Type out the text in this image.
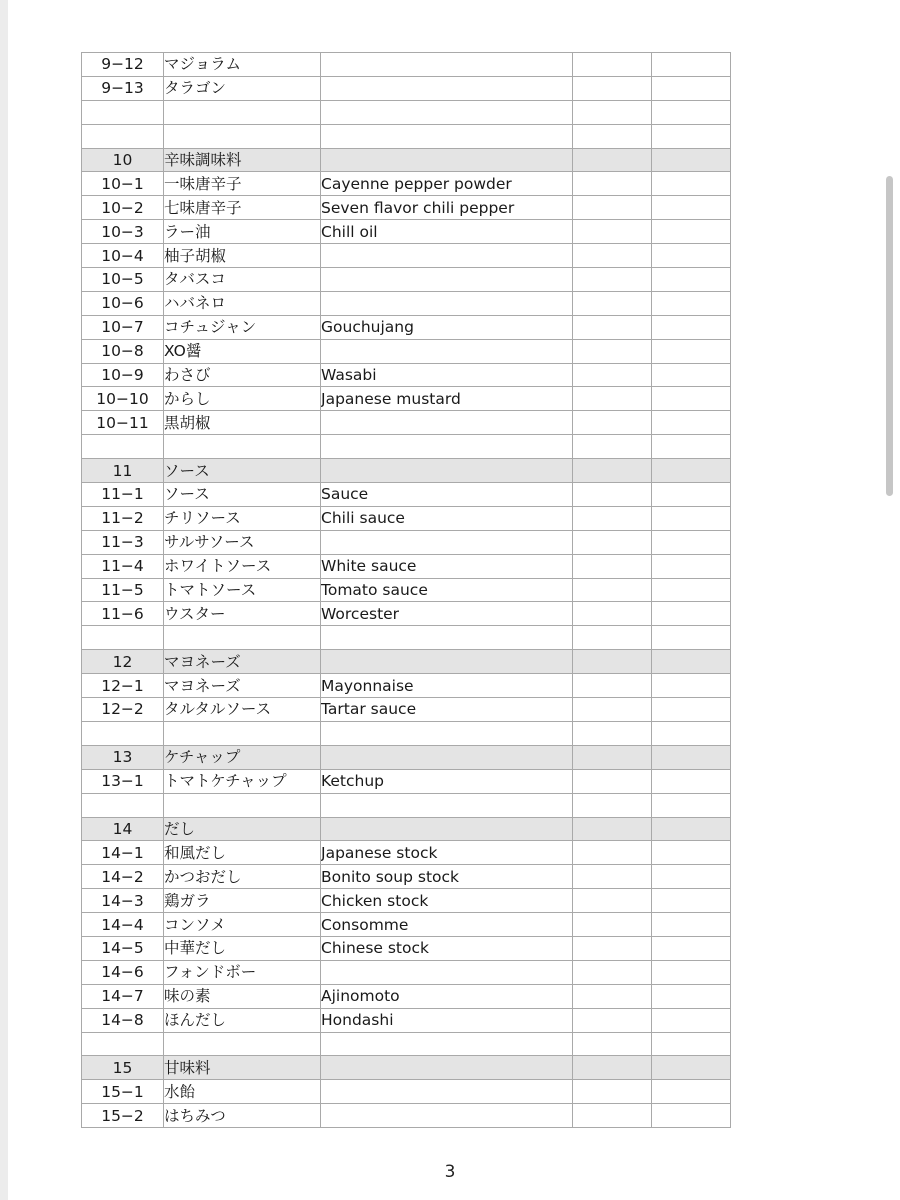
9−12	マジョラム			
9−13	タラゴン			

10	辛味調味料			
10−1	一味唐辛子	Cayenne pepper powder		
10−2	七味唐辛子	Seven flavor chili pepper		
10−3	ラー油	Chill oil		
10−4	柚子胡椒			
10−5	タバスコ			
10−6	ハバネロ			
10−7	コチュジャン	Gouchujang		
10−8	XO醤			
10−9	わさび	Wasabi		
10−10	からし	Japanese mustard		
10−11	黒胡椒			

11	ソース			
11−1	ソース	Sauce		
11−2	チリソース	Chili sauce		
11−3	サルサソース			
11−4	ホワイトソース	White sauce		
11−5	トマトソース	Tomato sauce		
11−6	ウスター	Worcester		

12	マヨネーズ			
12−1	マヨネーズ	Mayonnaise		
12−2	タルタルソース	Tartar sauce		

13	ケチャップ			
13−1	トマトケチャップ	Ketchup		

14	だし			
14−1	和風だし	Japanese stock		
14−2	かつおだし	Bonito soup stock		
14−3	鶏ガラ	Chicken stock		
14−4	コンソメ	Consomme		
14−5	中華だし	Chinese stock		
14−6	フォンドボー			
14−7	味の素	Ajinomoto		
14−8	ほんだし	Hondashi		

15	甘味料			
15−1	水飴			
15−2	はちみつ			
3
